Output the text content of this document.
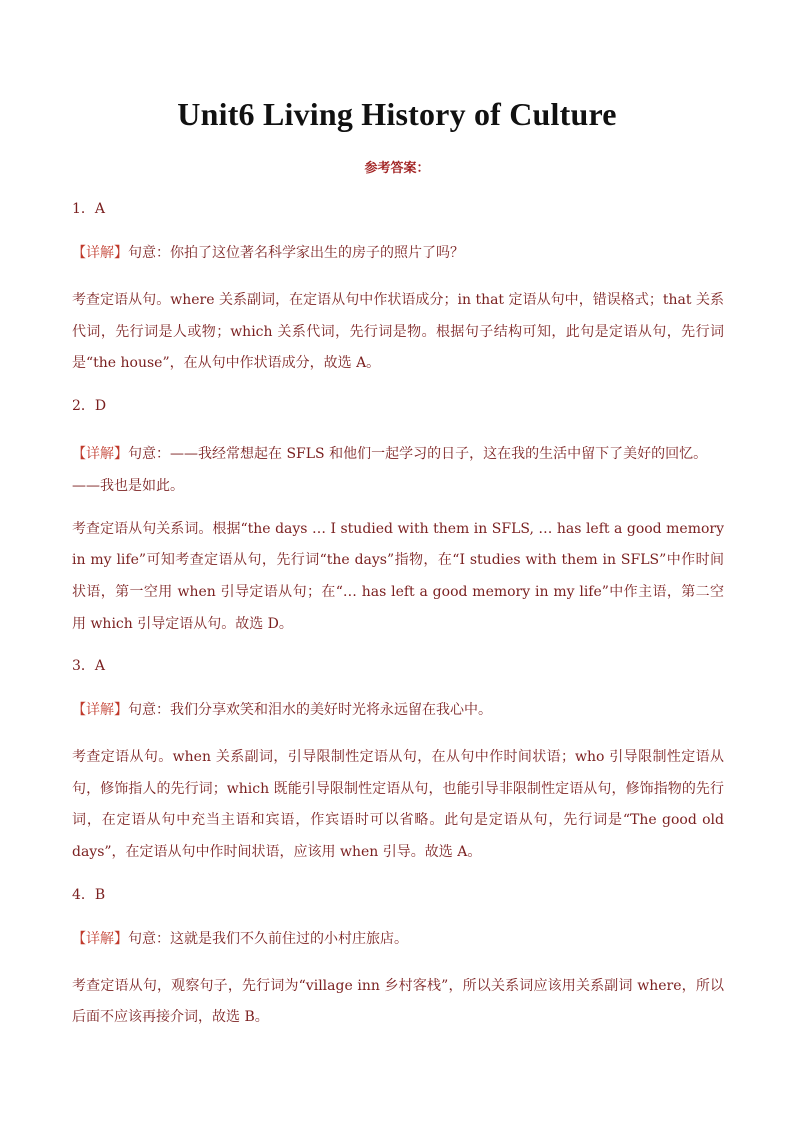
Unit6 Living History of Culture
参考答案：
1．A
【详解】句意：你拍了这位著名科学家出生的房子的照片了吗？
考查定语从句。where 关系副词，在定语从句中作状语成分；in that 定语从句中，错误格式；that 关系代词，先行词是人或物；which 关系代词，先行词是物。根据句子结构可知，此句是定语从句，先行词是“the house”，在从句中作状语成分，故选 A。
2．D
【详解】句意：——我经常想起在 SFLS 和他们一起学习的日子，这在我的生活中留下了美好的回忆。——我也是如此。
考查定语从句关系词。根据“the days … I studied with them in SFLS, … has left a good memory in my life”可知考查定语从句，先行词“the days”指物，在“I studies with them in SFLS”中作时间状语，第一空用 when 引导定语从句；在“… has left a good memory in my life”中作主语，第二空用 which 引导定语从句。故选 D。
3．A
【详解】句意：我们分享欢笑和泪水的美好时光将永远留在我心中。
考查定语从句。when 关系副词，引导限制性定语从句，在从句中作时间状语；who 引导限制性定语从句，修饰指人的先行词；which 既能引导限制性定语从句，也能引导非限制性定语从句，修饰指物的先行词，在定语从句中充当主语和宾语，作宾语时可以省略。此句是定语从句，先行词是“The good old days”，在定语从句中作时间状语，应该用 when 引导。故选 A。
4．B
【详解】句意：这就是我们不久前住过的小村庄旅店。
考查定语从句，观察句子，先行词为“village inn 乡村客栈”，所以关系词应该用关系副词 where，所以后面不应该再接介词，故选 B。
